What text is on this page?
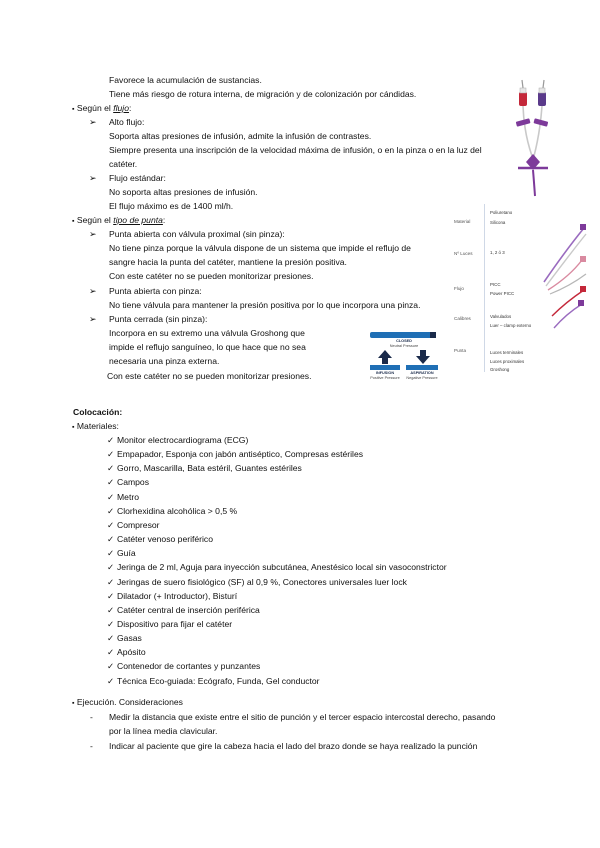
Favorece la acumulación de sustancias.
Tiene más riesgo de rotura interna, de migración y de colonización por cándidas.
▪ Según el flujo:
➢ Alto flujo:
Soporta altas presiones de infusión, admite la infusión de contrastes.
Siempre presenta una inscripción de la velocidad máxima de infusión, o en la pinza o en la luz del
catéter.
➢ Flujo estándar:
No soporta altas presiones de infusión.
El flujo máximo es de 1400 ml/h.
▪ Según el tipo de punta:
➢ Punta abierta con válvula proximal (sin pinza):
No tiene pinza porque la válvula dispone de un sistema que impide el reflujo de
sangre hacia la punta del catéter, mantiene la presión positiva.
Con este catéter no se pueden monitorizar presiones.
➢ Punta abierta con pinza:
No tiene válvula para mantener la presión positiva por lo que incorpora una pinza.
➢ Punta cerrada (sin pinza):
Incorpora en su extremo una válvula Groshong que
impide el reflujo sanguíneo, lo que hace que no sea
necesaria una pinza externa.
Con este catéter no se pueden monitorizar presiones.
Material
Poliuretano
Silicona
Nº Luces	1, 2 ó 3
Flujo
PICC
Power PICC
Calibres	Valvulados
Luer – clamp externo
Punta	Luces terminales
Luces proximales
Groshong
CLOSED
Neutral Pressure
INFUSION
Positive Pressure
ASPIRATION
Negative Pressure
Colocación:
▪ Materiales:
✓ Monitor electrocardiograma (ECG)
✓ Empapador, Esponja con jabón antiséptico, Compresas estériles
✓ Gorro, Mascarilla, Bata estéril, Guantes estériles
✓ Campos
✓ Metro
✓ Clorhexidina alcohólica > 0,5 %
✓ Compresor
✓ Catéter venoso periférico
✓ Guía
✓ Jeringa de 2 ml, Aguja para inyección subcutánea, Anestésico local sin vasoconstrictor
✓ Jeringas de suero fisiológico (SF) al 0,9 %, Conectores universales luer lock
✓ Dilatador (+ Introductor), Bisturí
✓ Catéter central de inserción periférica
✓ Dispositivo para fijar el catéter
✓ Gasas
✓ Apósito
✓ Contenedor de cortantes y punzantes
✓ Técnica Eco-guiada: Ecógrafo, Funda, Gel conductor
▪ Ejecución. Consideraciones
- Medir la distancia que existe entre el sitio de punción y el tercer espacio intercostal derecho, pasando
por la línea media clavicular.
- Indicar al paciente que gire la cabeza hacia el lado del brazo donde se haya realizado la punción
